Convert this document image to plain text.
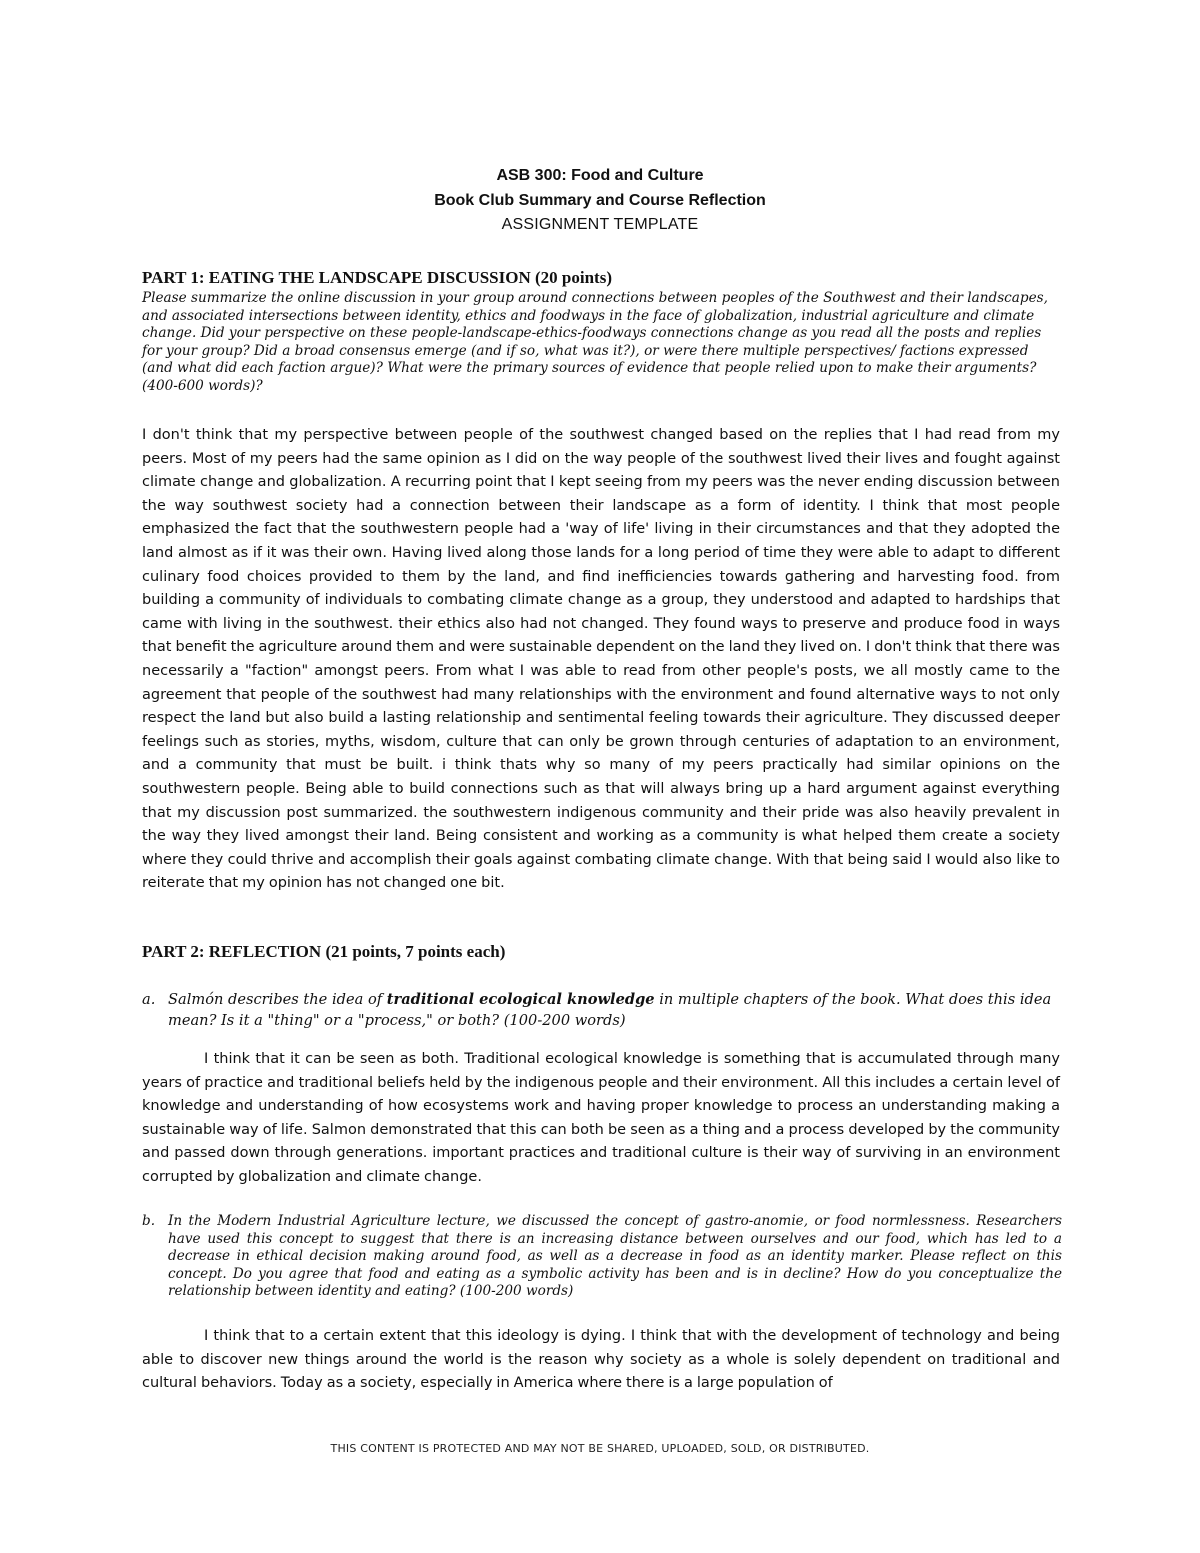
ASB 300: Food and Culture
Book Club Summary and Course Reflection
ASSIGNMENT TEMPLATE
PART 1: EATING THE LANDSCAPE DISCUSSION (20 points)

Please summarize the online discussion in your group around connections between peoples of the Southwest and their landscapes, and associated intersections between identity, ethics and foodways in the face of globalization, industrial agriculture and climate change. Did your perspective on these people-landscape-ethics-foodways connections change as you read all the posts and replies for your group? Did a broad consensus emerge (and if so, what was it?), or were there multiple perspectives/ factions expressed (and what did each faction argue)? What were the primary sources of evidence that people relied upon to make their arguments? (400-600 words)?

I don't think that my perspective between people of the southwest changed based on the replies that I had read from my peers. Most of my peers had the same opinion as I did on the way people of the southwest lived their lives and fought against climate change and globalization. A recurring point that I kept seeing from my peers was the never ending discussion between the way southwest society had a connection between their landscape as a form of identity. I think that most people emphasized the fact that the southwestern people had a 'way of life' living in their circumstances and that they adopted the land almost as if it was their own. Having lived along those lands for a long period of time they were able to adapt to different culinary food choices provided to them by the land, and find inefficiencies towards gathering and harvesting food. from building a community of individuals to combating climate change as a group, they understood and adapted to hardships that came with living in the southwest. their ethics also had not changed. They found ways to preserve and produce food in ways that benefit the agriculture around them and were sustainable dependent on the land they lived on. I don't think that there was necessarily a "faction" amongst peers. From what I was able to read from other people's posts, we all mostly came to the agreement that people of the southwest had many relationships with the environment and found alternative ways to not only respect the land but also build a lasting relationship and sentimental feeling towards their agriculture. They discussed deeper feelings such as stories, myths, wisdom, culture that can only be grown through centuries of adaptation to an environment, and a community that must be built. i think thats why so many of my peers practically had similar opinions on the southwestern people. Being able to build connections such as that will always bring up a hard argument against everything that my discussion post summarized. the southwestern indigenous community and their pride was also heavily prevalent in the way they lived amongst their land. Being consistent and working as a community is what helped them create a society where they could thrive and accomplish their goals against combating climate change. With that being said I would also like to reiterate that my opinion has not changed one bit.

PART 2: REFLECTION (21 points, 7 points each)
a. Salmón describes the idea of traditional ecological knowledge in multiple chapters of the book. What does this idea mean? Is it a "thing" or a "process," or both? (100-200 words)

I think that it can be seen as both. Traditional ecological knowledge is something that is accumulated through many years of practice and traditional beliefs held by the indigenous people and their environment. All this includes a certain level of knowledge and understanding of how ecosystems work and having proper knowledge to process an understanding making a sustainable way of life. Salmon demonstrated that this can both be seen as a thing and a process developed by the community and passed down through generations. important practices and traditional culture is their way of surviving in an environment corrupted by globalization and climate change.

b. In the Modern Industrial Agriculture lecture, we discussed the concept of gastro-anomie, or food normlessness. Researchers have used this concept to suggest that there is an increasing distance between ourselves and our food, which has led to a decrease in ethical decision making around food, as well as a decrease in food as an identity marker. Please reflect on this concept. Do you agree that food and eating as a symbolic activity has been and is in decline? How do you conceptualize the relationship between identity and eating? (100-200 words)

I think that to a certain extent that this ideology is dying. I think that with the development of technology and being able to discover new things around the world is the reason why society as a whole is solely dependent on traditional and cultural behaviors. Today as a society, especially in America where there is a large population of

THIS CONTENT IS PROTECTED AND MAY NOT BE SHARED, UPLOADED, SOLD, OR DISTRIBUTED.
